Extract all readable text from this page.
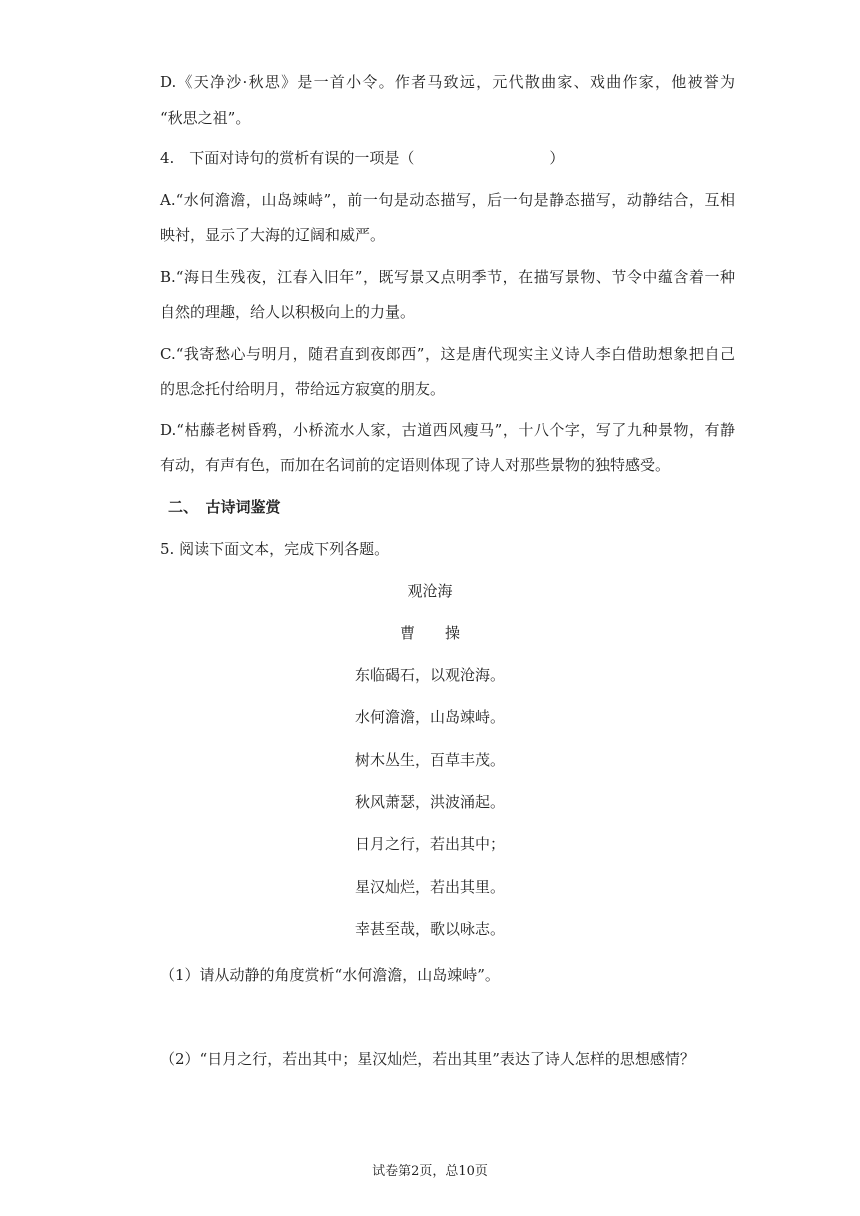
D.《天净沙·秋思》是一首小令。作者马致远，元代散曲家、戏曲作家，他被誉为
“秋思之祖”。
4.　下面对诗句的赏析有误的一项是（　　　　　　　　　）
A.“水何澹澹，山岛竦峙”，前一句是动态描写，后一句是静态描写，动静结合，互相
映衬，显示了大海的辽阔和威严。
B.“海日生残夜，江春入旧年”，既写景又点明季节，在描写景物、节令中蕴含着一种
自然的理趣，给人以积极向上的力量。
C.“我寄愁心与明月，随君直到夜郎西”，这是唐代现实主义诗人李白借助想象把自己
的思念托付给明月，带给远方寂寞的朋友。
D.“枯藤老树昏鸦，小桥流水人家，古道西风瘦马”，十八个字，写了九种景物，有静
有动，有声有色，而加在名词前的定语则体现了诗人对那些景物的独特感受。
二、　古诗词鉴赏
5. 阅读下面文本，完成下列各题。
观沧海
曹　　操
东临碣石，以观沧海。
水何澹澹，山岛竦峙。
树木丛生，百草丰茂。
秋风萧瑟，洪波涌起。
日月之行，若出其中；
星汉灿烂，若出其里。
幸甚至哉，歌以咏志。
（1）请从动静的角度赏析“水何澹澹，山岛竦峙”。
（2）“日月之行，若出其中；星汉灿烂，若出其里”表达了诗人怎样的思想感情？
试卷第2页，总10页
